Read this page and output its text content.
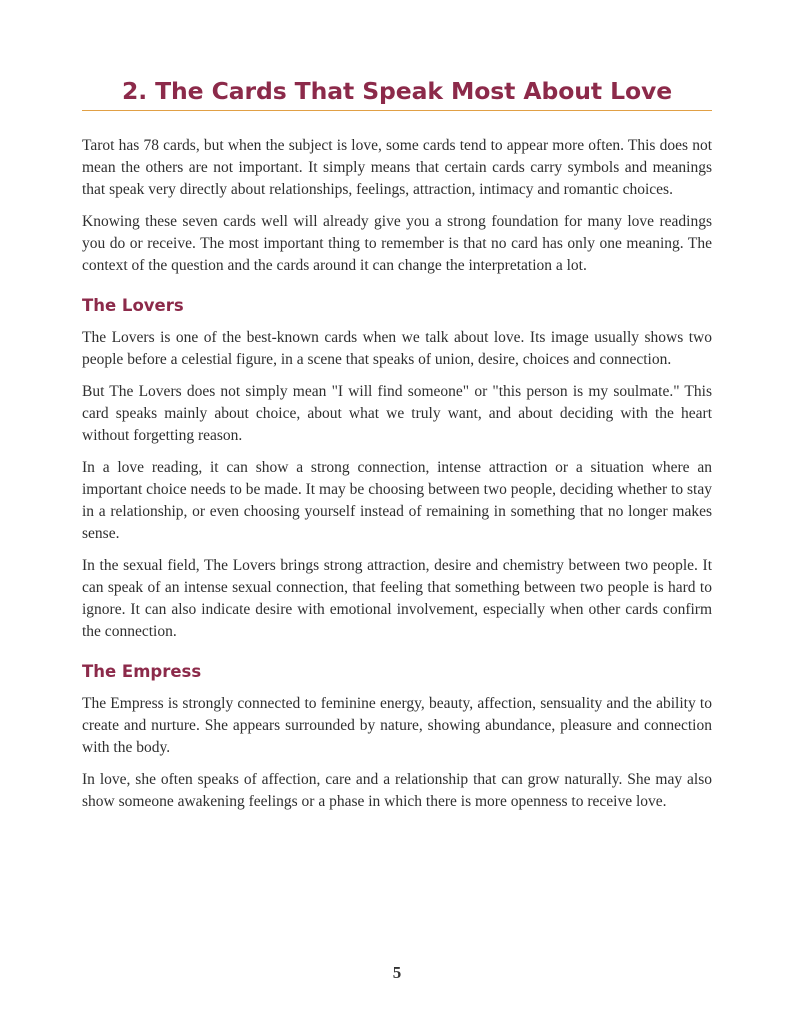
2. The Cards That Speak Most About Love

Tarot has 78 cards, but when the subject is love, some cards tend to appear more often. This does not mean the others are not important. It simply means that certain cards carry symbols and meanings that speak very directly about relationships, feelings, attraction, intimacy and romantic choices.

Knowing these seven cards well will already give you a strong foundation for many love readings you do or receive. The most important thing to remember is that no card has only one meaning. The context of the question and the cards around it can change the interpretation a lot.

The Lovers

The Lovers is one of the best-known cards when we talk about love. Its image usually shows two people before a celestial figure, in a scene that speaks of union, desire, choices and connection.

But The Lovers does not simply mean "I will find someone" or "this person is my soulmate." This card speaks mainly about choice, about what we truly want, and about deciding with the heart without forgetting reason.

In a love reading, it can show a strong connection, intense attraction or a situation where an important choice needs to be made. It may be choosing between two people, deciding whether to stay in a relationship, or even choosing yourself instead of remaining in something that no longer makes sense.

In the sexual field, The Lovers brings strong attraction, desire and chemistry between two people. It can speak of an intense sexual connection, that feeling that something between two people is hard to ignore. It can also indicate desire with emotional involvement, especially when other cards confirm the connection.

The Empress

The Empress is strongly connected to feminine energy, beauty, affection, sensuality and the ability to create and nurture. She appears surrounded by nature, showing abundance, pleasure and connection with the body.

In love, she often speaks of affection, care and a relationship that can grow naturally. She may also show someone awakening feelings or a phase in which there is more openness to receive love.

5
